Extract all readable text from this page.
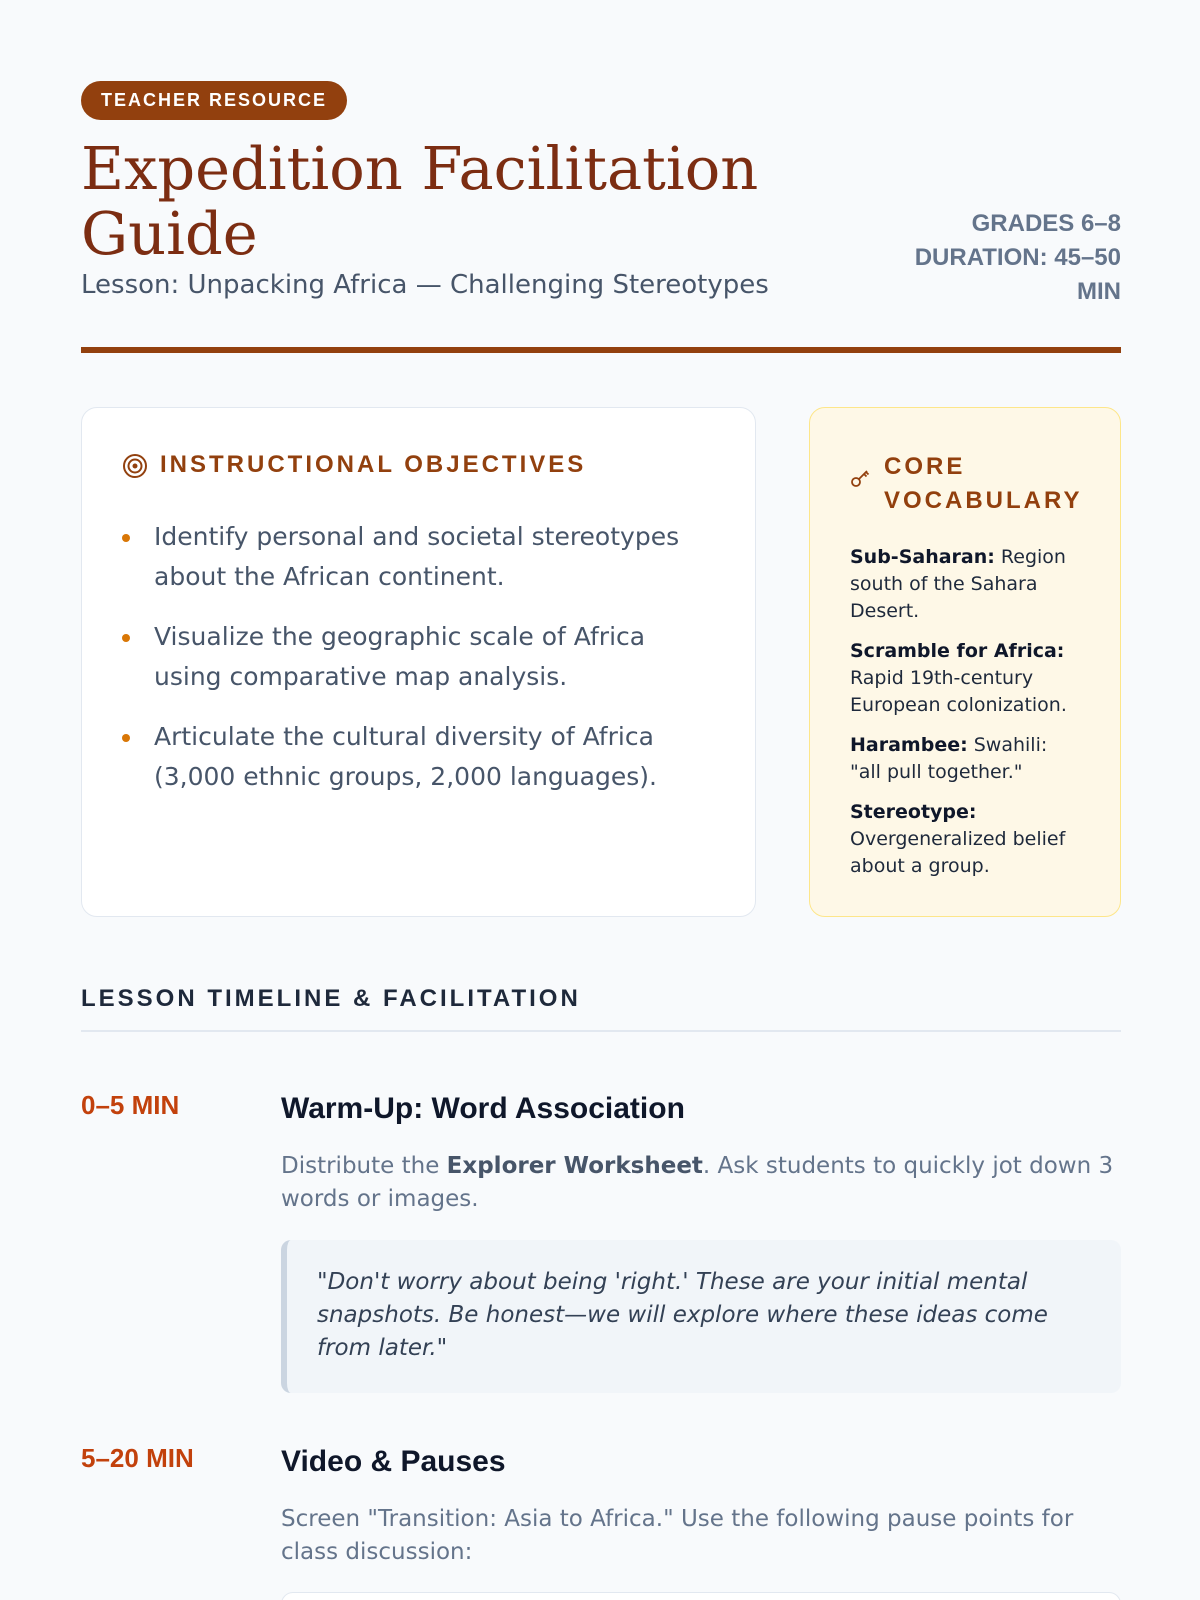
TEACHER RESOURCE
Expedition Facilitation Guide
Lesson: Unpacking Africa — Challenging Stereotypes
GRADES 6–8
DURATION: 45–50 MIN
INSTRUCTIONAL OBJECTIVES
Identify personal and societal stereotypes about the African continent.
Visualize the geographic scale of Africa using comparative map analysis.
Articulate the cultural diversity of Africa (3,000 ethnic groups, 2,000 languages).
CORE VOCABULARY
Sub-Saharan: Region south of the Sahara Desert.
Scramble for Africa: Rapid 19th-century European colonization.
Harambee: Swahili: "all pull together."
Stereotype: Overgeneralized belief about a group.
LESSON TIMELINE & FACILITATION
0–5 MIN	Warm-Up: Word Association
Distribute the Explorer Worksheet. Ask students to quickly jot down 3 words or images.
"Don't worry about being 'right.' These are your initial mental snapshots. Be honest—we will explore where these ideas come from later."
5–20 MIN	Video & Pauses
Screen "Transition: Asia to Africa." Use the following pause points for class discussion:
